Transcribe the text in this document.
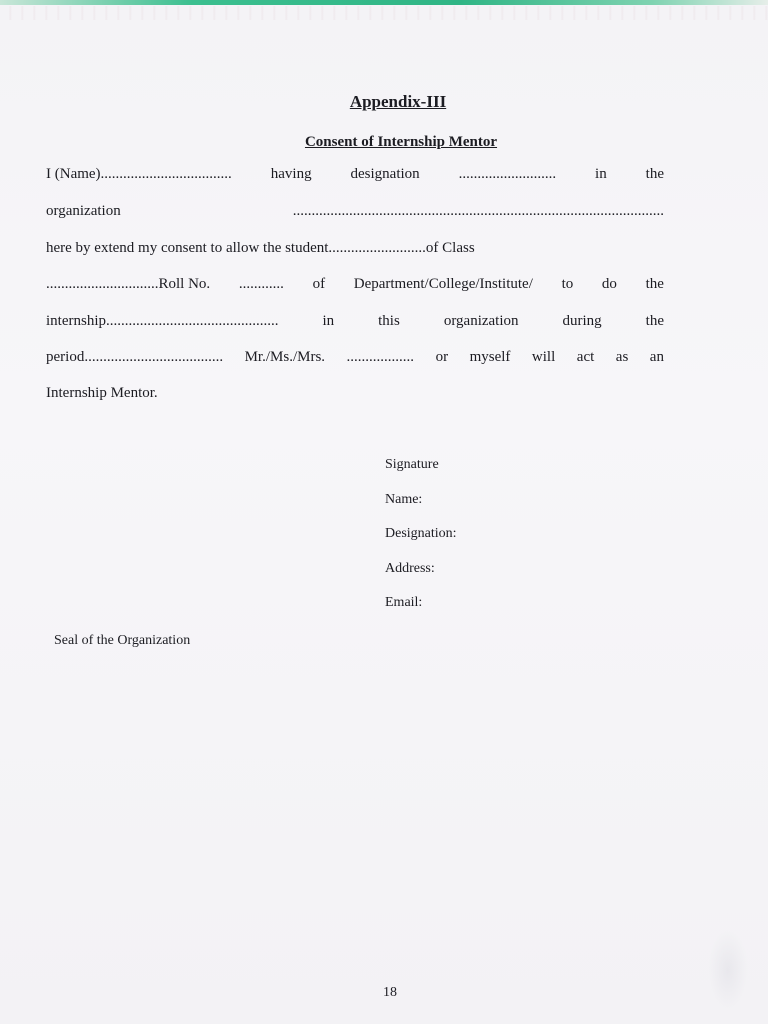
Appendix-III
Consent of Internship Mentor
I (Name)...................................	having	designation	..........................	in	the
organization	...................................................................................................
here by extend my consent to allow the student..........................of Class
..............................Roll No. ............ of Department/College/Institute/ to do the
internship..............................................	in	this	organization	during	the
period..................................... Mr./Ms./Mrs. .................. or myself will act as an
Internship Mentor.
Signature
Name:
Designation:
Address:
Email:
Seal of the Organization
18
